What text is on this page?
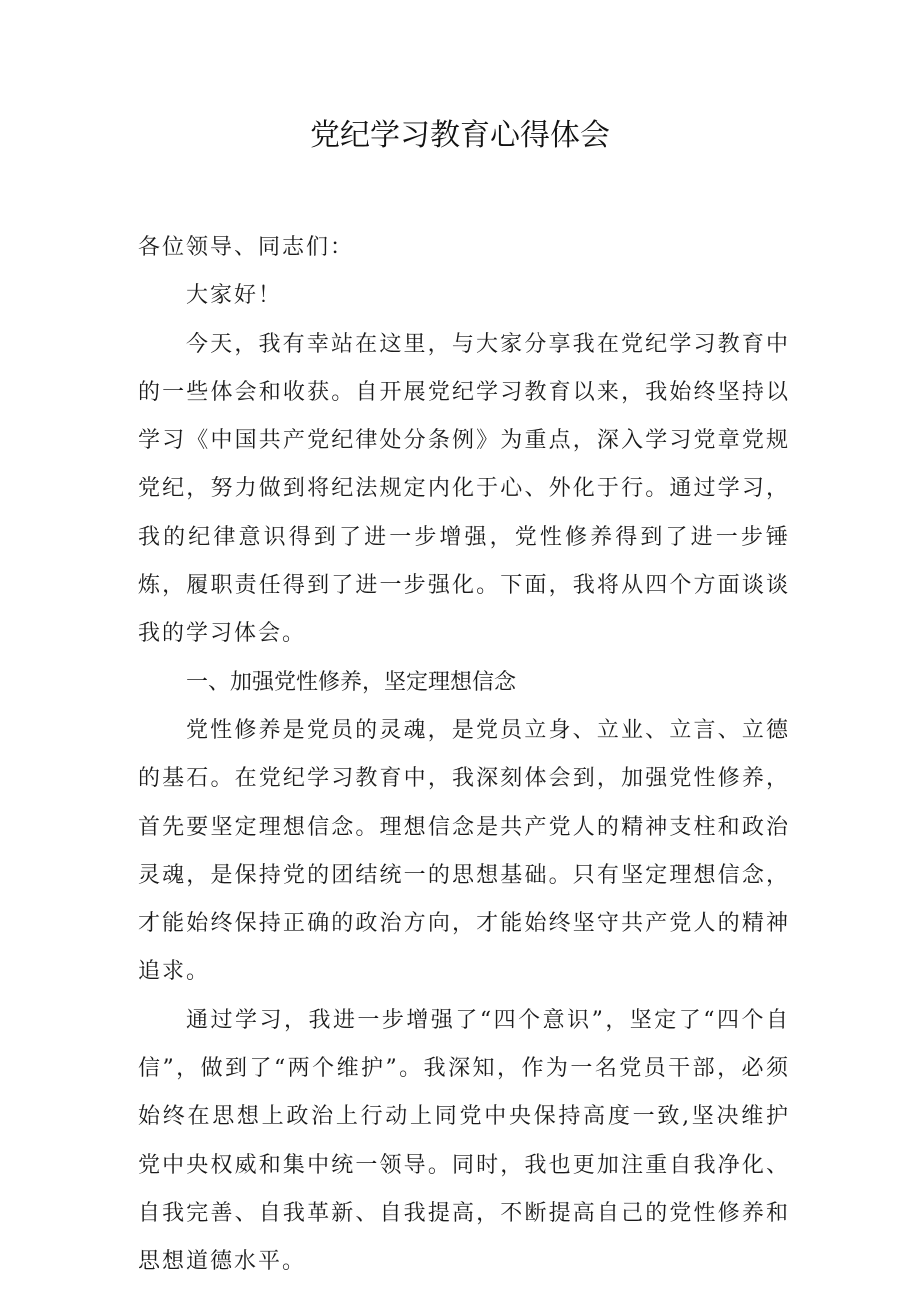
党纪学习教育心得体会

各位领导、同志们：

大家好！

今天，我有幸站在这里，与大家分享我在党纪学习教育中的一些体会和收获。自开展党纪学习教育以来，我始终坚持以学习《中国共产党纪律处分条例》为重点，深入学习党章党规党纪，努力做到将纪法规定内化于心、外化于行。通过学习，我的纪律意识得到了进一步增强，党性修养得到了进一步锤炼，履职责任得到了进一步强化。下面，我将从四个方面谈谈我的学习体会。

一、加强党性修养，坚定理想信念

党性修养是党员的灵魂，是党员立身、立业、立言、立德的基石。在党纪学习教育中，我深刻体会到，加强党性修养，首先要坚定理想信念。理想信念是共产党人的精神支柱和政治灵魂，是保持党的团结统一的思想基础。只有坚定理想信念，才能始终保持正确的政治方向，才能始终坚守共产党人的精神追求。

通过学习，我进一步增强了“四个意识”，坚定了“四个自信”，做到了“两个维护”。我深知，作为一名党员干部，必须始终在思想上政治上行动上同党中央保持高度一致,坚决维护党中央权威和集中统一领导。同时，我也更加注重自我净化、自我完善、自我革新、自我提高，不断提高自己的党性修养和思想道德水平。
